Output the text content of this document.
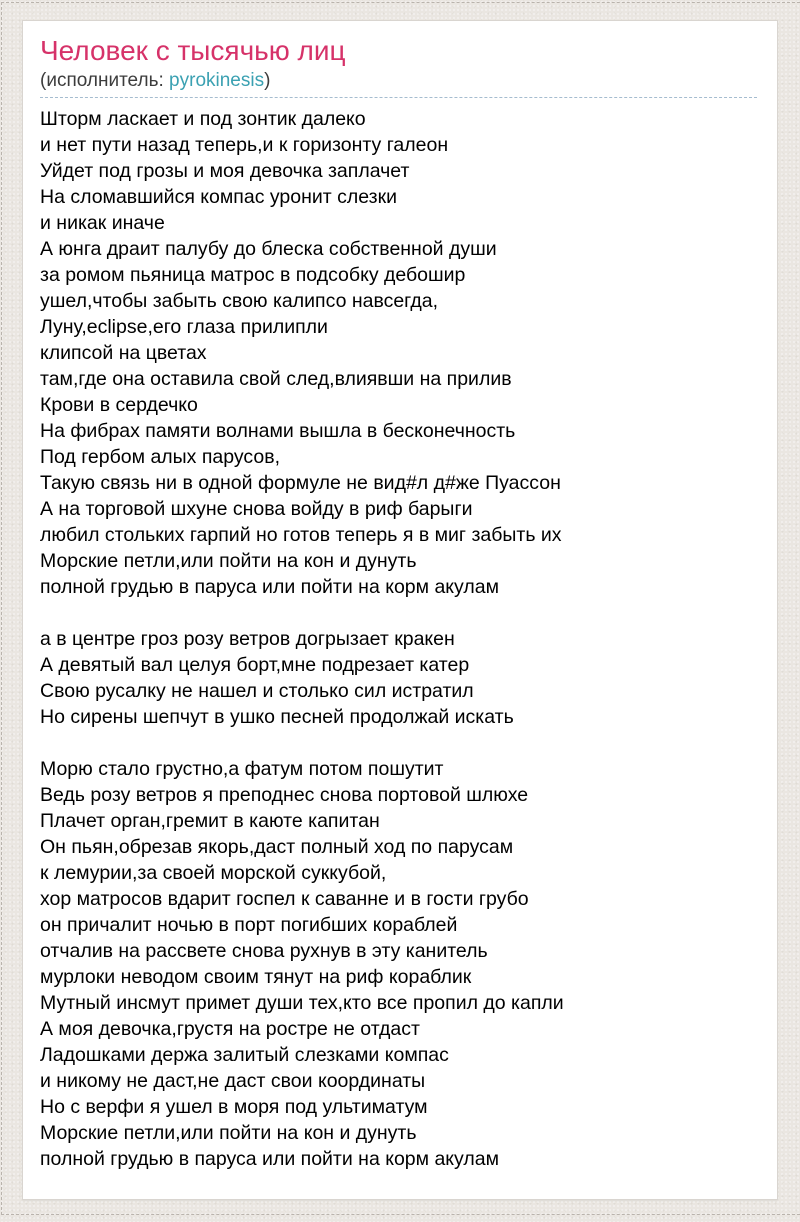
Человек с тысячью лиц
(исполнитель: pyrokinesis)
Шторм ласкает и под зонтик далеко
и нет пути назад теперь,и к горизонту галеон
Уйдет под грозы и моя девочка заплачет
На сломавшийся компас уронит слезки
и никак иначе
А юнга драит палубу до блеска собственной души
за ромом пьяница матрос в подсобку дебошир
ушел,чтобы забыть свою калипсо навсегда,
Луну,eclipse,его глаза прилипли
клипсой на цветах
там,где она оставила свой след,влиявши на прилив
Крови в сердечко
На фибрах памяти волнами вышла в бесконечность
Под гербом алых парусов,
Такую связь ни в одной формуле не вид#л д#же Пуассон
А на торговой шхуне снова войду в риф барыги
любил стольких гарпий но готов теперь я в миг забыть их
Морские петли,или пойти на кон и дунуть
полной грудью в паруса или пойти на корм акулам
а в центре гроз розу ветров догрызает кракен
А девятый вал целуя борт,мне подрезает катер
Свою русалку не нашел и столько сил истратил
Но сирены шепчут в ушко песней продолжай искать
Морю стало грустно,а фатум потом пошутит
Ведь розу ветров я преподнес снова портовой шлюхе
Плачет орган,гремит в каюте капитан
Он пьян,обрезав якорь,даст полный ход по парусам
к лемурии,за своей морской суккубой,
хор матросов вдарит госпел к саванне и в гости грубо
он причалит ночью в порт погибших кораблей
отчалив на рассвете снова рухнув в эту канитель
мурлоки неводом своим тянут на риф кораблик
Мутный инсмут примет души тех,кто все пропил до капли
А моя девочка,грустя на ростре не отдаст
Ладошками держа залитый слезками компас
и никому не даст,не даст свои координаты
Но с верфи я ушел в моря под ультиматум
Морские петли,или пойти на кон и дунуть
полной грудью в паруса или пойти на корм акулам
